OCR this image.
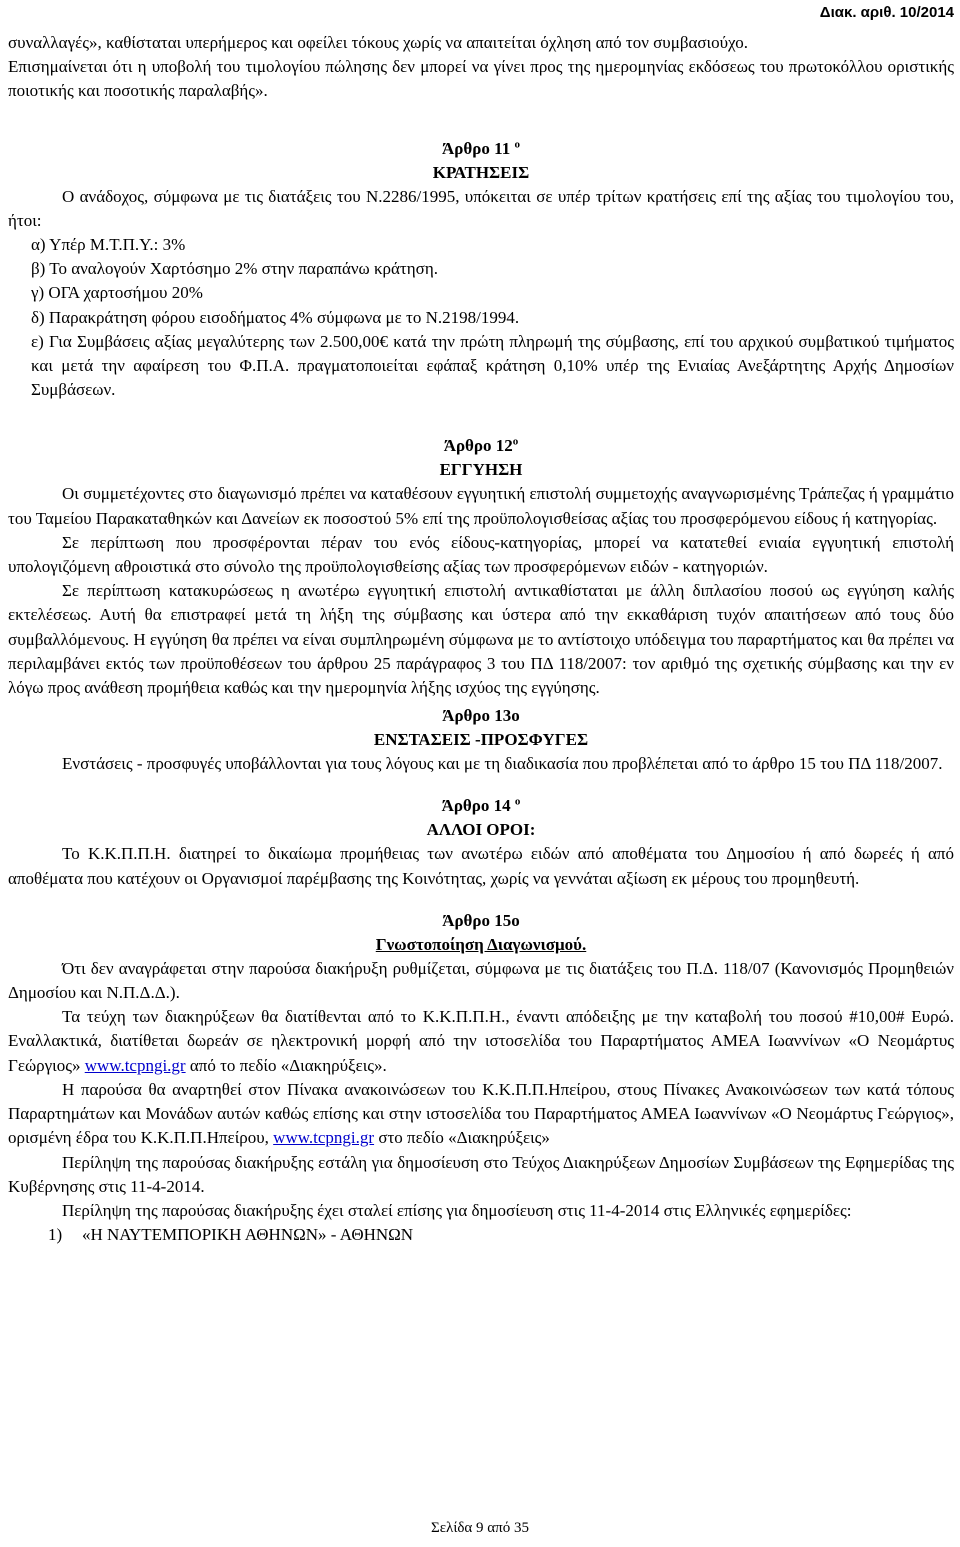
Διακ. αριθ. 10/2014

συναλλαγές», καθίσταται υπερήμερος και οφείλει τόκους χωρίς να απαιτείται όχληση από τον συμβασιούχο.

Επισημαίνεται ότι η υποβολή του τιμολογίου πώλησης δεν μπορεί να γίνει προς της ημερομηνίας εκδόσεως του πρωτοκόλλου οριστικής ποιοτικής και ποσοτικής παραλαβής».

Άρθρο 11 $^o$

ΚΡΑΤΗΣΕΙΣ

Ο ανάδοχος, σύμφωνα με τις διατάξεις του Ν.2286/1995, υπόκειται σε υπέρ τρίτων κρατήσεις επί της αξίας του τιμολογίου του, ήτοι:

α) Υπέρ Μ.Τ.Π.Υ.: 3%

β) Το αναλογούν Χαρτόσημο 2% στην παραπάνω κράτηση.

γ) ΟΓΑ χαρτοσήμου 20%

δ) Παρακράτηση φόρου εισοδήματος 4% σύμφωνα με το Ν.2198/1994.

ε) Για Συμβάσεις αξίας μεγαλύτερης των 2.500,00€ κατά την πρώτη πληρωμή της σύμβασης, επί του αρχικού συμβατικού τιμήματος και μετά την αφαίρεση του Φ.Π.Α. πραγματοποιείται εφάπαξ κράτηση 0,10% υπέρ της Ενιαίας Ανεξάρτητης Αρχής Δημοσίων Συμβάσεων.

Άρθρο $12^o$

ΕΓΓΥΗΣΗ

Οι συμμετέχοντες στο διαγωνισμό πρέπει να καταθέσουν εγγυητική επιστολή συμμετοχής αναγνωρισμένης Τράπεζας ή γραμμάτιο του Ταμείου Παρακαταθηκών και Δανείων εκ ποσοστού 5% επί της προϋπολογισθείσας αξίας του προσφερόμενου είδους ή κατηγορίας.

Σε περίπτωση που προσφέρονται πέραν του ενός είδους-κατηγορίας, μπορεί να κατατεθεί ενιαία εγγυητική επιστολή υπολογιζόμενη αθροιστικά στο σύνολο της προϋπολογισθείσης αξίας των προσφερόμενων ειδών - κατηγοριών.

Σε περίπτωση κατακυρώσεως η ανωτέρω εγγυητική επιστολή αντικαθίσταται με άλλη διπλασίου ποσού ως εγγύηση καλής εκτελέσεως. Αυτή θα επιστραφεί μετά τη λήξη της σύμβασης και ύστερα από την εκκαθάριση τυχόν απαιτήσεων από τους δύο συμβαλλόμενους. Η εγγύηση θα πρέπει να είναι συμπληρωμένη σύμφωνα με το αντίστοιχο υπόδειγμα του παραρτήματος και θα πρέπει να περιλαμβάνει εκτός των προϋποθέσεων του άρθρου 25 παράγραφος 3 του ΠΔ 118/2007: τον αριθμό της σχετικής σύμβασης και την εν λόγω προς ανάθεση προμήθεια καθώς και την ημερομηνία λήξης ισχύος της εγγύησης.

Άρθρο 13ο

ΕΝΣΤΑΣΕΙΣ -ΠΡΟΣΦΥΓΕΣ

Ενστάσεις - προσφυγές υποβάλλονται για τους λόγους και με τη διαδικασία που προβλέπεται από το άρθρο 15 του ΠΔ 118/2007.

Άρθρο 14 $^o$

ΑΛΛΟΙ ΟΡΟΙ:

Το Κ.Κ.Π.Π.Η. διατηρεί το δικαίωμα προμήθειας των ανωτέρω ειδών από αποθέματα του Δημοσίου ή από δωρεές ή από αποθέματα που κατέχουν οι Οργανισμοί παρέμβασης της Κοινότητας, χωρίς να γεννάται αξίωση εκ μέρους του προμηθευτή.

Άρθρο 15ο

Γνωστοποίηση Διαγωνισμού.

Ότι δεν αναγράφεται στην παρούσα διακήρυξη ρυθμίζεται, σύμφωνα με τις διατάξεις του Π.Δ. 118/07 (Κανονισμός Προμηθειών Δημοσίου και Ν.Π.Δ.Δ.).

Τα τεύχη των διακηρύξεων θα διατίθενται από το Κ.Κ.Π.Π.Η., έναντι απόδειξης με την καταβολή του ποσού #10,00# Ευρώ. Εναλλακτικά, διατίθεται δωρεάν σε ηλεκτρονική μορφή από την ιστοσελίδα του Παραρτήματος ΑΜΕΑ Ιωαννίνων «Ο Νεομάρτυς Γεώργιος» www.tcpngi.gr από το πεδίο «Διακηρύξεις».

Η παρούσα θα αναρτηθεί στον Πίνακα ανακοινώσεων του Κ.Κ.Π.Π.Ηπείρου, στους Πίνακες Ανακοινώσεων των κατά τόπους Παραρτημάτων και Μονάδων αυτών καθώς επίσης και στην ιστοσελίδα του Παραρτήματος ΑΜΕΑ Ιωαννίνων «Ο Νεομάρτυς Γεώργιος», ορισμένη έδρα του Κ.Κ.Π.Π.Ηπείρου, www.tcpngi.gr στο πεδίο «Διακηρύξεις»

Περίληψη της παρούσας διακήρυξης εστάλη για δημοσίευση στο Τεύχος Διακηρύξεων Δημοσίων Συμβάσεων της Εφημερίδας της Κυβέρνησης στις 11-4-2014.

Περίληψη της παρούσας διακήρυξης έχει σταλεί επίσης για δημοσίευση στις 11-4-2014 στις Ελληνικές εφημερίδες:

1) «Η ΝΑΥΤΕΜΠΟΡΙΚΗ ΑΘΗΝΩΝ» - ΑΘΗΝΩΝ
Σελίδα 9 από 35
